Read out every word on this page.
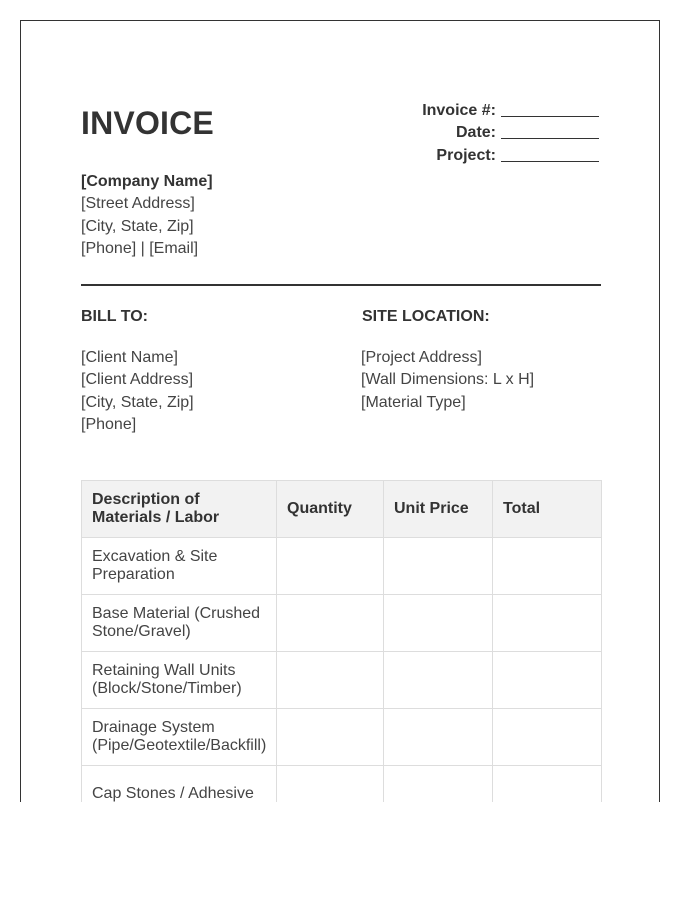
INVOICE	Invoice #:
Date:
Project:
[Company Name]
[Street Address]
[City, State, Zip]
[Phone] | [Email]
BILL TO:
[Client Name]
[Client Address]
[City, State, Zip]
[Phone]
SITE LOCATION:
[Project Address]
[Wall Dimensions: L x H]
[Material Type]
Description of Materials / Labor	Quantity	Unit Price	Total
Excavation & Site Preparation			
Base Material (Crushed Stone/Gravel)			
Retaining Wall Units (Block/Stone/Timber)			
Drainage System (Pipe/Geotextile/Backfill)			
Cap Stones / Adhesive			
